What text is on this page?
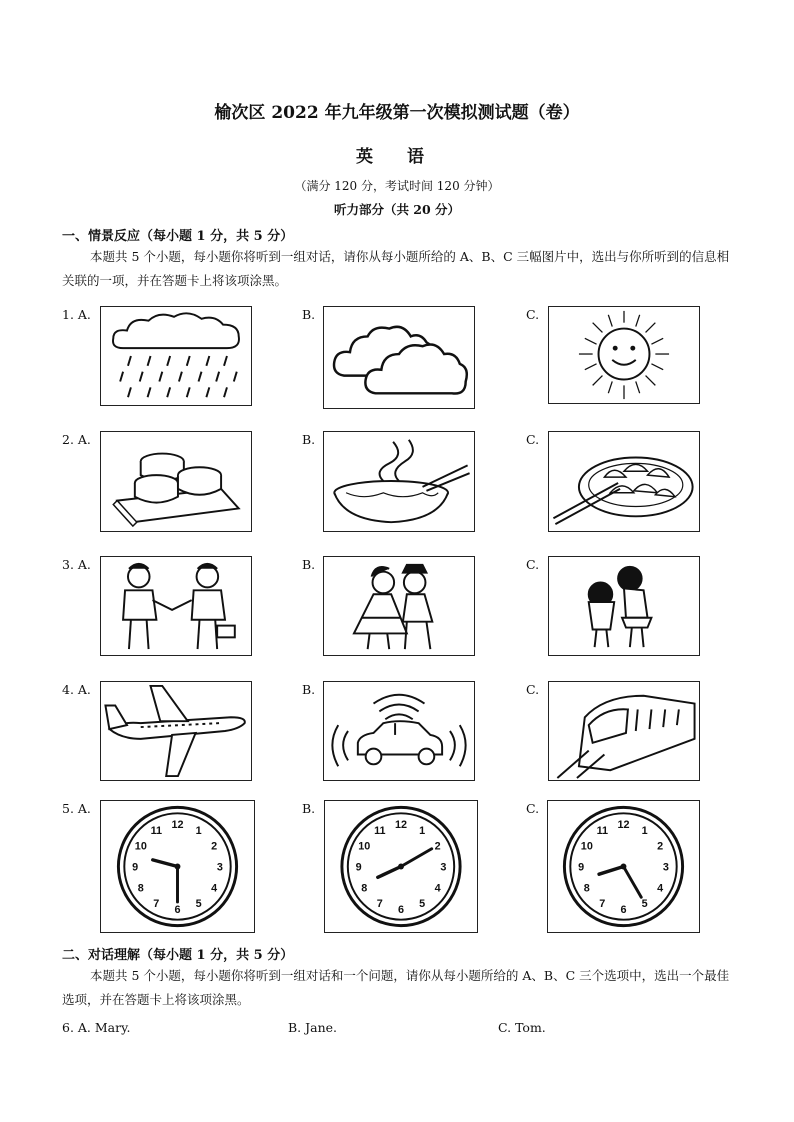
榆次区 2022 年九年级第一次模拟测试题（卷）
英 语
（满分 120 分，考试时间 120 分钟）
听力部分（共 20 分）
一、情景反应（每小题 1 分，共 5 分）
本题共 5 个小题，每小题你将听到一组对话，请你从每小题所给的 A、B、C 三幅图片中，选出与你所听到的信息相关联的一项，并在答题卡上将该项涂黑。
1. A.	B.	C.
2. A.	B.	C.
3. A.	B.	C.
4. A.	B.	C.
5. A.	B.	C.
1
2
3
4
5
6
7
8
9
10
11 12	1
2
3
4
5
6
7
8
9
10
11 12	1
2
3
4
5
6
7
8
9
10
11 12
二、对话理解（每小题 1 分，共 5 分）
本题共 5 个小题，每小题你将听到一组对话和一个问题，请你从每小题所给的 A、B、C 三个选项中，选出一个最佳选项，并在答题卡上将该项涂黑。
6. A. Mary.	B. Jane.	C. Tom.
